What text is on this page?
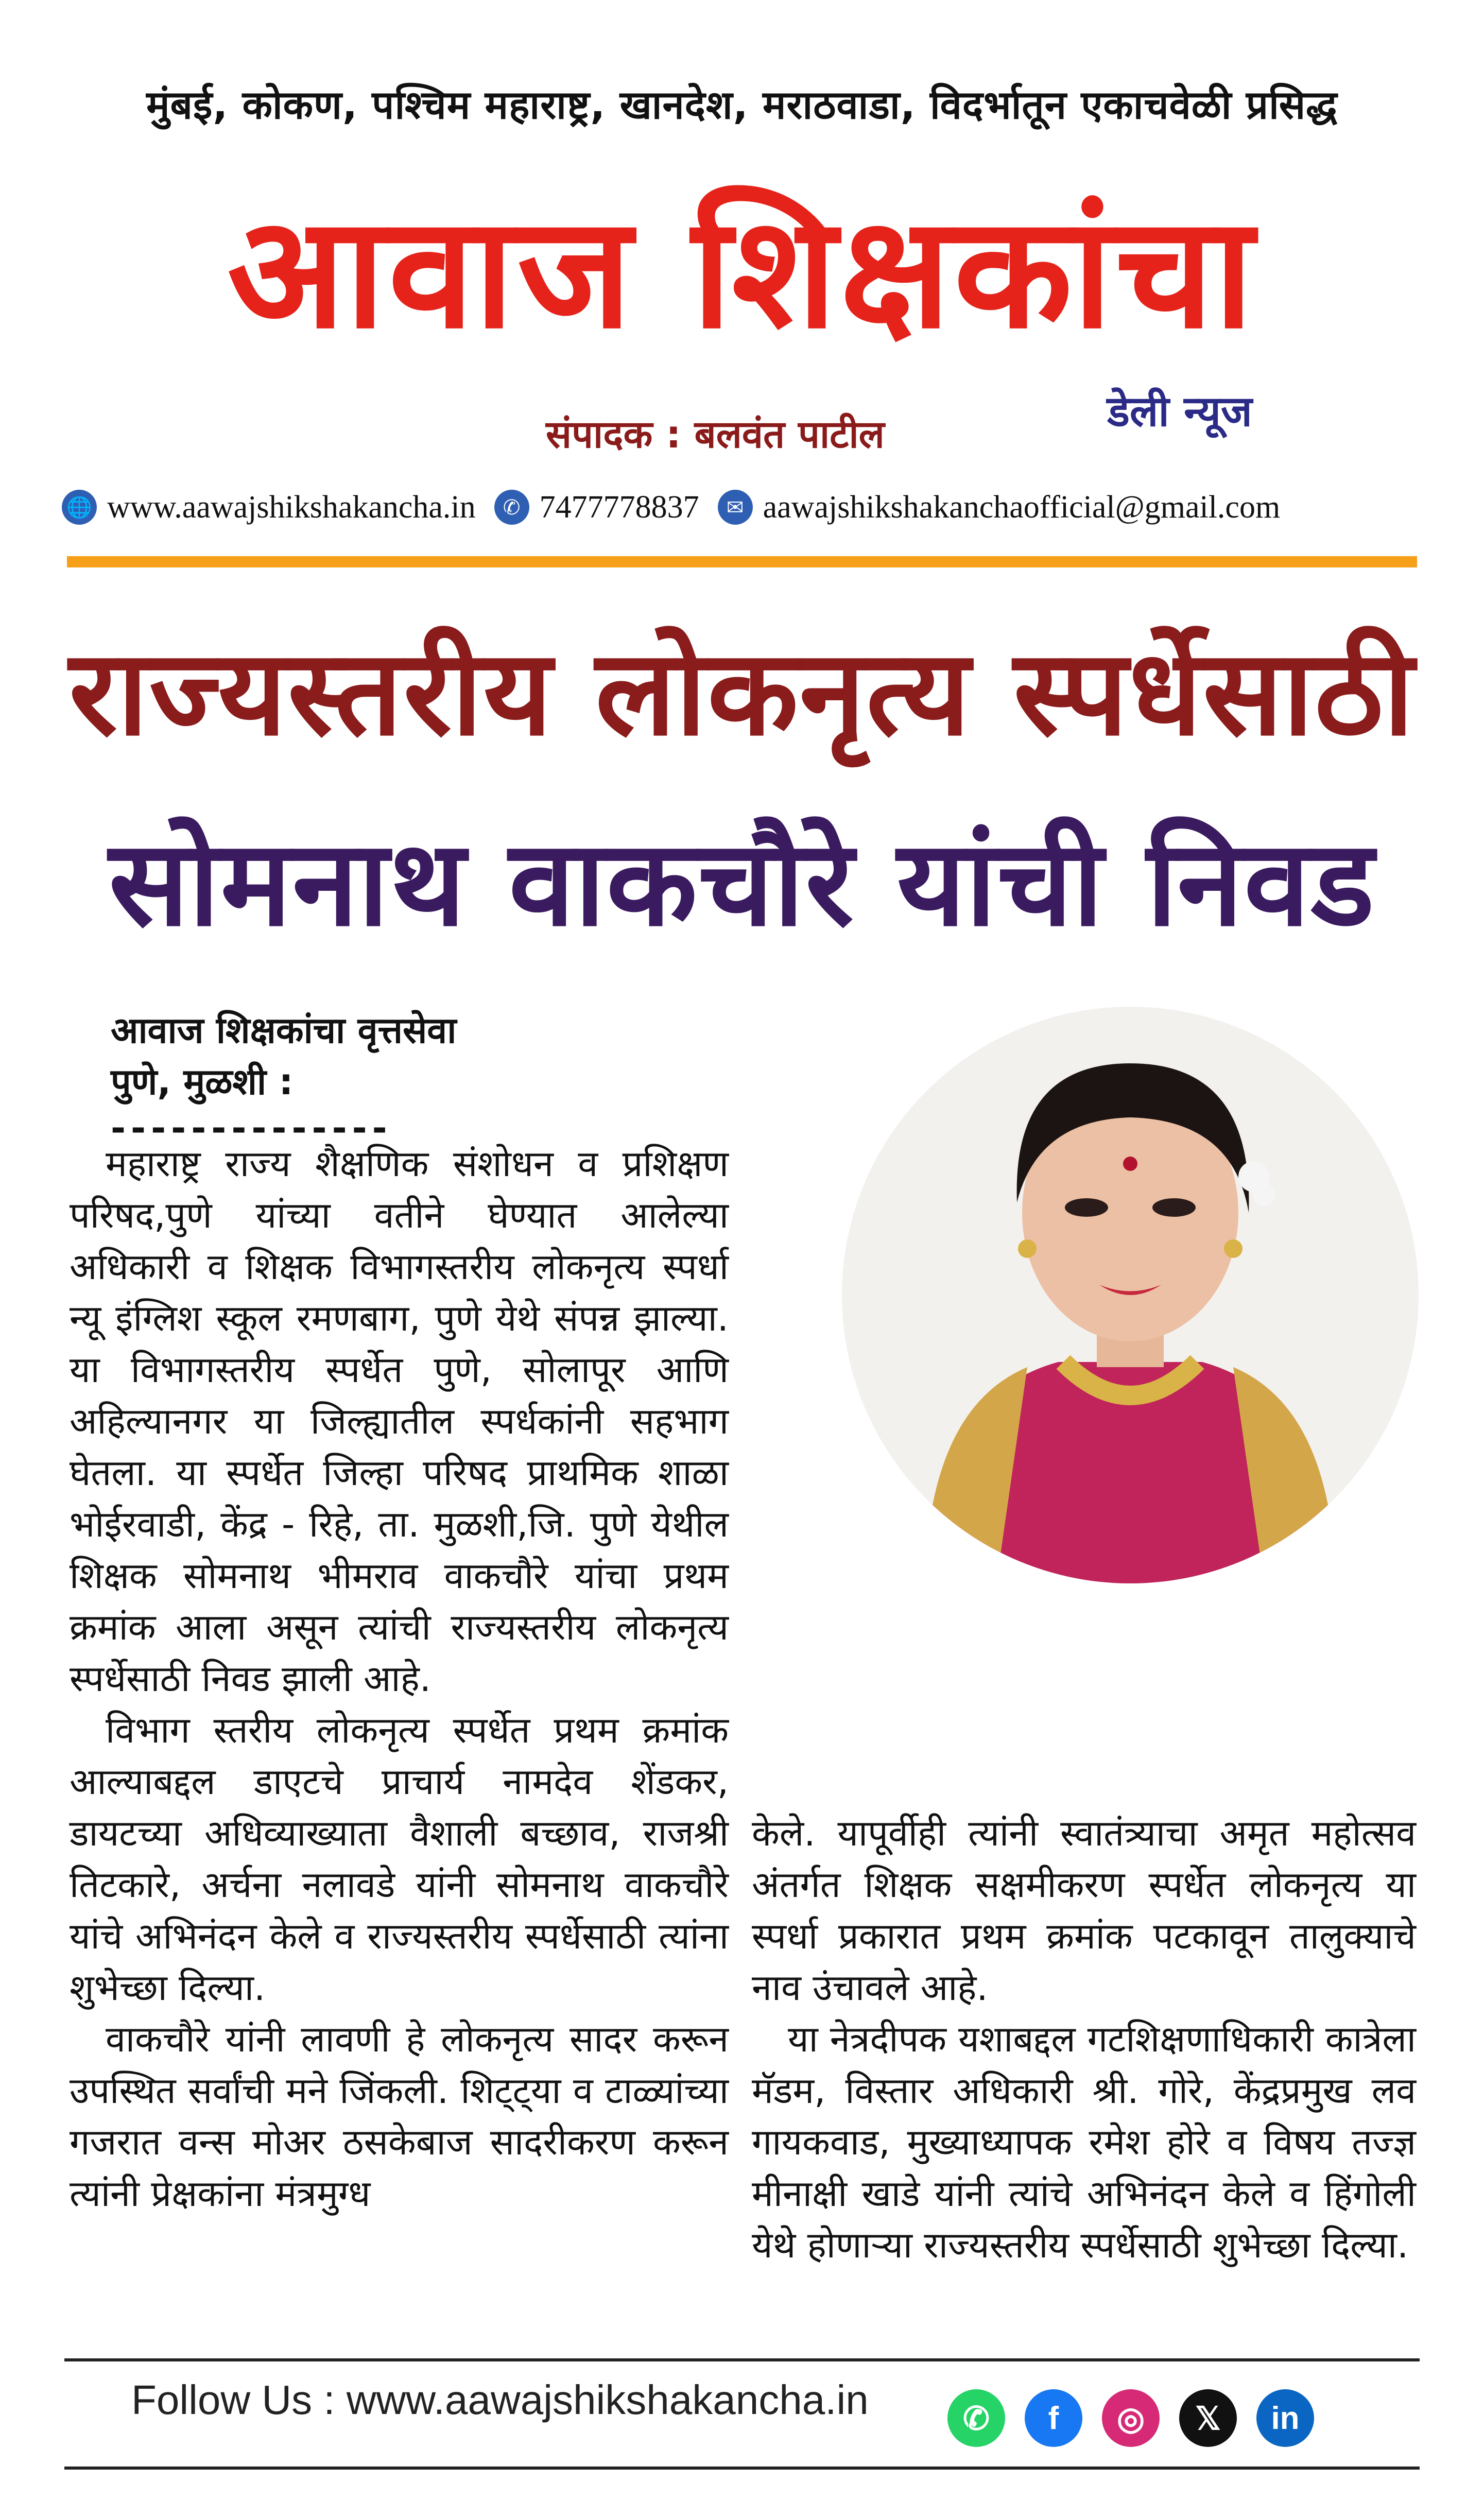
मुंबई, कोकण, पश्चिम महाराष्ट्र, खानदेश, मराठवाडा, विदर्भातून एकाचवेळी प्रसिद्ध
आवाज शिक्षकांचा
डेली न्यूज
संपादक : बलवंत पाटील
🌐 www.aawajshikshakancha.in	✆ 7477778837	✉ aawajshikshakanchaofficial@gmail.com
राज्यस्तरीय लोकनृत्य स्पर्धेसाठी
सोमनाथ वाकचौरे यांची निवड
आवाज शिक्षकांचा वृत्तसेवा
पुणे, मुळशी :
--------------

महाराष्ट्र राज्य शैक्षणिक संशोधन व प्रशिक्षण परिषद,पुणे यांच्या वतीने घेण्यात आलेल्या अधिकारी व शिक्षक विभागस्तरीय लोकनृत्य स्पर्धा न्यू इंग्लिश स्कूल रमणबाग, पुणे येथे संपन्न झाल्या. या विभागस्तरीय स्पर्धेत पुणे, सोलापूर आणि अहिल्यानगर या जिल्ह्यातील स्पर्धकांनी सहभाग घेतला. या स्पर्धेत जिल्हा परिषद प्राथमिक शाळा भोईरवाडी, केंद्र - रिहे, ता. मुळशी,जि. पुणे येथील शिक्षक सोमनाथ भीमराव वाकचौरे यांचा प्रथम क्रमांक आला असून त्यांची राज्यस्तरीय लोकनृत्य स्पर्धेसाठी निवड झाली आहे.

विभाग स्तरीय लोकनृत्य स्पर्धेत प्रथम क्रमांक आल्याबद्दल डाएटचे प्राचार्य नामदेव शेंडकर, डायटच्या अधिव्याख्याता वैशाली बच्छाव, राजश्री तिटकारे, अर्चना नलावडे यांनी सोमनाथ वाकचौरे यांचे अभिनंदन केले व राज्यस्तरीय स्पर्धेसाठी त्यांना शुभेच्छा दिल्या.

वाकचौरे यांनी लावणी हे लोकनृत्य सादर करून उपस्थित सर्वांची मने जिंकली. शिट्ट्या व टाळ्यांच्या गजरात वन्स मोअर ठसकेबाज सादरीकरण करून त्यांनी प्रेक्षकांना मंत्रमुग्ध

केले. यापूर्वीही त्यांनी स्वातंत्र्याचा अमृत महोत्सव अंतर्गत शिक्षक सक्षमीकरण स्पर्धेत लोकनृत्य या स्पर्धा प्रकारात प्रथम क्रमांक पटकावून तालुक्याचे नाव उंचावले आहे.

या नेत्रदीपक यशाबद्दल गटशिक्षणाधिकारी कात्रेला मॅडम, विस्तार अधिकारी श्री. गोरे, केंद्रप्रमुख लव गायकवाड, मुख्याध्यापक रमेश होरे व विषय तज्ज्ञ मीनाक्षी खाडे यांनी त्यांचे अभिनंदन केले व हिंगोली येथे होणाऱ्या राज्यस्तरीय स्पर्धेसाठी शुभेच्छा दिल्या.

Follow Us : www.aawajshikshakancha.in	✆	f	◎	𝕏	in
